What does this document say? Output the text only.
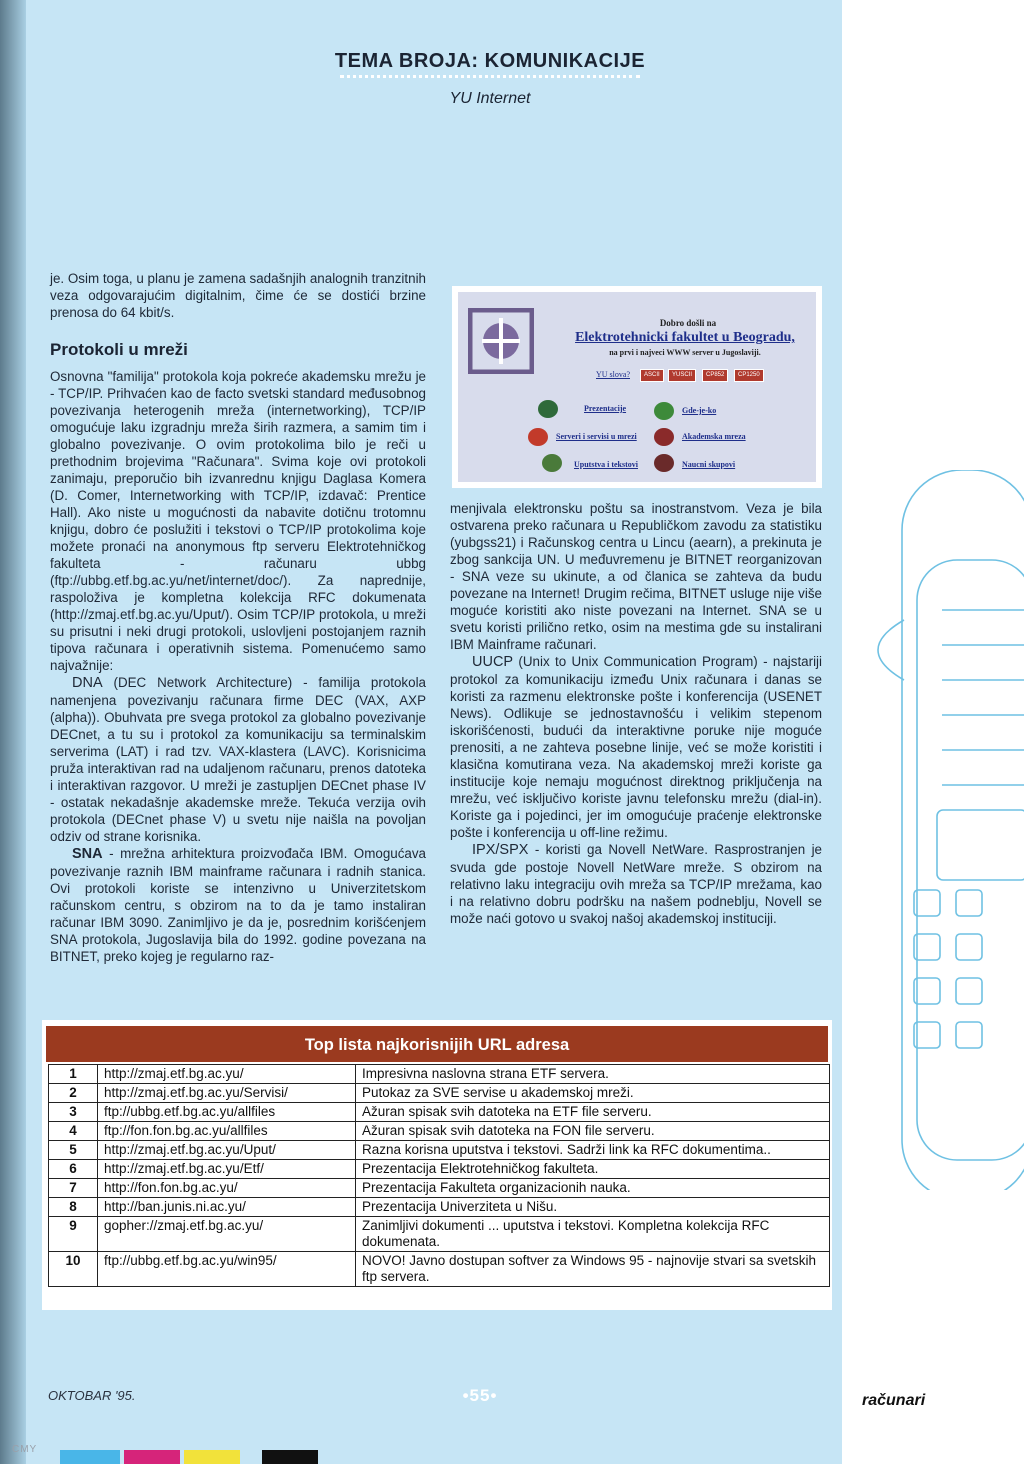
TEMA BROJA: KOMUNIKACIJE
YU Internet

je. Osim toga, u planu je zamena sadašnjih analognih tranzitnih veza odgovarajućim digitalnim, čime će se dostići brzine prenosa do 64 kbit/s.

Protokoli u mreži

Osnovna "familija" protokola koja pokreće akademsku mrežu je - TCP/IP. Prihvaćen kao de facto svetski standard međusobnog povezivanja heterogenih mreža (internetworking), TCP/IP omogućuje laku izgradnju mreža širih razmera, a samim tim i globalno povezivanje. O ovim protokolima bilo je reči u prethodnim brojevima "Računara". Svima koje ovi protokoli zanimaju, preporučio bih izvanrednu knjigu Daglasa Komera (D. Comer, Internetworking with TCP/IP, izdavač: Prentice Hall). Ako niste u mogućnosti da nabavite dotičnu trotomnu knjigu, dobro će poslužiti i tekstovi o TCP/IP protokolima koje možete pronaći na anonymous ftp serveru Elektrotehničkog fakulteta - računaru ubbg (ftp://ubbg.etf.bg.ac.yu/net/internet/doc/). Za naprednije, raspoloživa je kompletna kolekcija RFC dokumenata (http://zmaj.etf.bg.ac.yu/Uput/). Osim TCP/IP protokola, u mreži su prisutni i neki drugi protokoli, uslovljeni postojanjem raznih tipova računara i operativnih sistema. Pomenućemo samo najvažnije:

DNA (DEC Network Architecture) - familija protokola namenjena povezivanju računara firme DEC (VAX, AXP (alpha)). Obuhvata pre svega protokol za globalno povezivanje DECnet, a tu su i protokol za komunikaciju sa terminalskim serverima (LAT) i rad tzv. VAX-klastera (LAVC). Korisnicima pruža interaktivan rad na udaljenom računaru, prenos datoteka i interaktivan razgovor. U mreži je zastupljen DECnet phase IV - ostatak nekadašnje akademske mreže. Tekuća verzija ovih protokola (DECnet phase V) u svetu nije naišla na povoljan odziv od strane korisnika.

SNA - mrežna arhitektura proizvođača IBM. Omogućava povezivanje raznih IBM mainframe računara i radnih stanica. Ovi protokoli koriste se intenzivno u Univerzitetskom računskom centru, s obzirom na to da je tamo instaliran računar IBM 3090. Zanimljivo je da je, posrednim korišćenjem SNA protokola, Jugoslavija bila do 1992. godine povezana na BITNET, preko kojeg je regularno raz-

Dobro došli na
Elektrotehnicki fakultet u Beogradu,
na prvi i najveci WWW server u Jugoslaviji.
YU slova?	ASCII	YUSCII	CP852	CP1250
Prezentacije	Gde-je-ko
Serveri i servisi u mrezi	Akademska mreza
Uputstva i tekstovi	Naucni skupovi

menjivala elektronsku poštu sa inostranstvom. Veza je bila ostvarena preko računara u Republičkom zavodu za statistiku (yubgss21) i Računskog centra u Lincu (aearn), a prekinuta je zbog sankcija UN. U međuvremenu je BITNET reorganizovan - SNA veze su ukinute, a od članica se zahteva da budu povezane na Internet! Drugim rečima, BITNET usluge nije više moguće koristiti ako niste povezani na Internet. SNA se u svetu koristi prilično retko, osim na mestima gde su instalirani IBM Mainframe računari.

UUCP (Unix to Unix Communication Program) - najstariji protokol za komunikaciju između Unix računara i danas se koristi za razmenu elektronske pošte i konferencija (USENET News). Odlikuje se jednostavnošću i velikim stepenom iskorišćenosti, budući da interaktivne poruke nije moguće prenositi, a ne zahteva posebne linije, već se može koristiti i klasična komutirana veza. Na akademskoj mreži koriste ga institucije koje nemaju mogućnost direktnog priključenja na mrežu, već isključivo koriste javnu telefonsku mrežu (dial-in). Koriste ga i pojedinci, jer im omogućuje praćenje elektronske pošte i konferencija u off-line režimu.

IPX/SPX - koristi ga Novell NetWare. Rasprostranjen je svuda gde postoje Novell NetWare mreže. S obzirom na relativno laku integraciju ovih mreža sa TCP/IP mrežama, kao i na relativno dobru podršku na našem podneblju, Novell se može naći gotovo u svakoj našoj akademskoj instituciji.

Top lista najkorisnijih URL adresa
1	http://zmaj.etf.bg.ac.yu/	Impresivna naslovna strana ETF servera.
2	http://zmaj.etf.bg.ac.yu/Servisi/	Putokaz za SVE servise u akademskoj mreži.
3	ftp://ubbg.etf.bg.ac.yu/allfiles	Ažuran spisak svih datoteka na ETF file serveru.
4	ftp://fon.fon.bg.ac.yu/allfiles	Ažuran spisak svih datoteka na FON file serveru.
5	http://zmaj.etf.bg.ac.yu/Uput/	Razna korisna uputstva i tekstovi. Sadrži link ka RFC dokumentima..
6	http://zmaj.etf.bg.ac.yu/Etf/	Prezentacija Elektrotehničkog fakulteta.
7	http://fon.fon.bg.ac.yu/	Prezentacija Fakulteta organizacionih nauka.
8	http://ban.junis.ni.ac.yu/	Prezentacija Univerziteta u Nišu.
9	gopher://zmaj.etf.bg.ac.yu/	Zanimljivi dokumenti ... uputstva i tekstovi. Kompletna kolekcija RFC dokumenata.
10	ftp://ubbg.etf.bg.ac.yu/win95/	NOVO! Javno dostupan softver za Windows 95 - najnovije stvari sa svetskih ftp servera.
OKTOBAR '95.	•55•	računari
CMY
